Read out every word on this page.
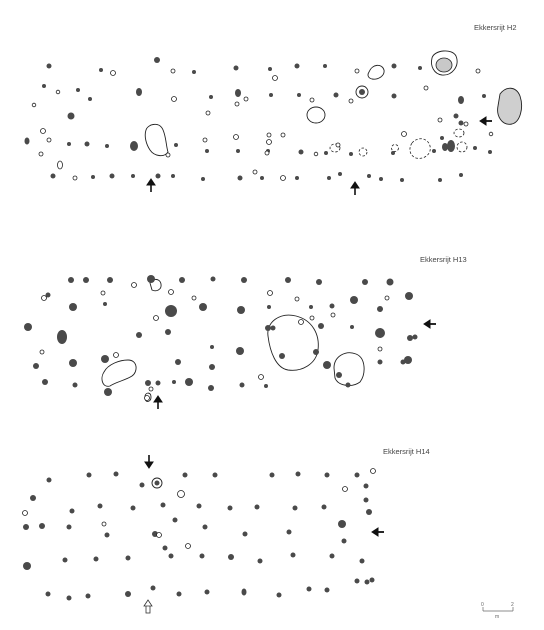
Ekkersrijt H2
Ekkersrijt H13
Ekkersrijt H14
0	2
m
